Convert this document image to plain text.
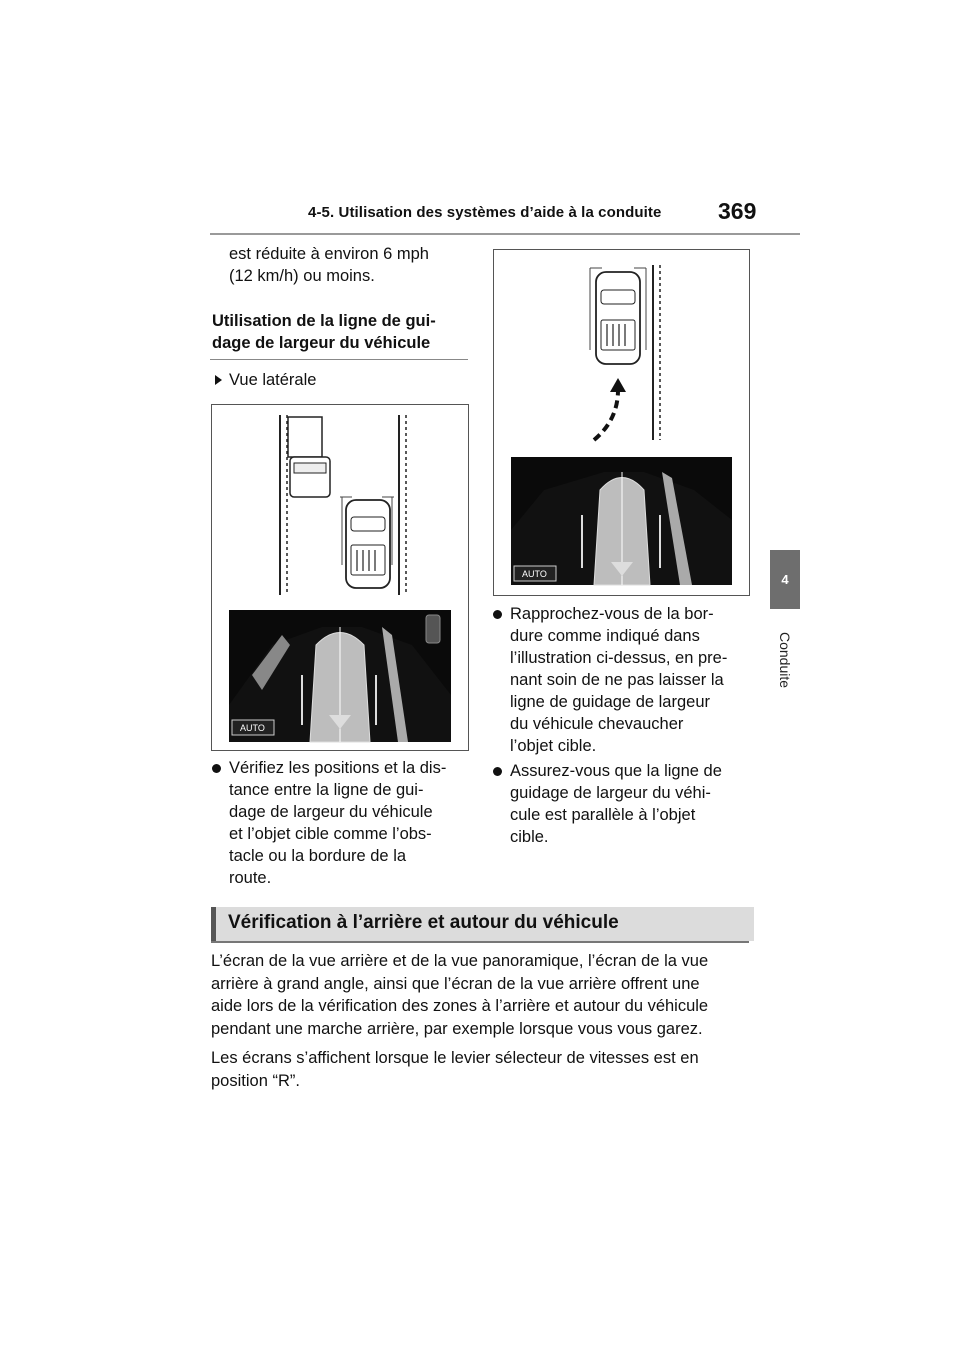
4-5. Utilisation des systèmes d’aide à la conduite 369
4
Conduite
est réduite à environ 6 mph
(12 km/h) ou moins.
Utilisation de la ligne de gui-
dage de largeur du véhicule
Vue latérale
AUTO
Vérifiez les positions et la dis-
tance entre la ligne de gui-
dage de largeur du véhicule
et l’objet cible comme l’obs-
tacle ou la bordure de la
route.
AUTO
Rapprochez-vous de la bor-
dure comme indiqué dans
l’illustration ci-dessus, en pre-
nant soin de ne pas laisser la
ligne de guidage de largeur
du véhicule chevaucher
l’objet cible.
Assurez-vous que la ligne de
guidage de largeur du véhi-
cule est parallèle à l’objet
cible.
Vérification à l’arrière et autour du véhicule
L’écran de la vue arrière et de la vue panoramique, l’écran de la vue
arrière à grand angle, ainsi que l’écran de la vue arrière offrent une
aide lors de la vérification des zones à l’arrière et autour du véhicule
pendant une marche arrière, par exemple lorsque vous vous garez.
Les écrans s’affichent lorsque le levier sélecteur de vitesses est en
position “R”.
